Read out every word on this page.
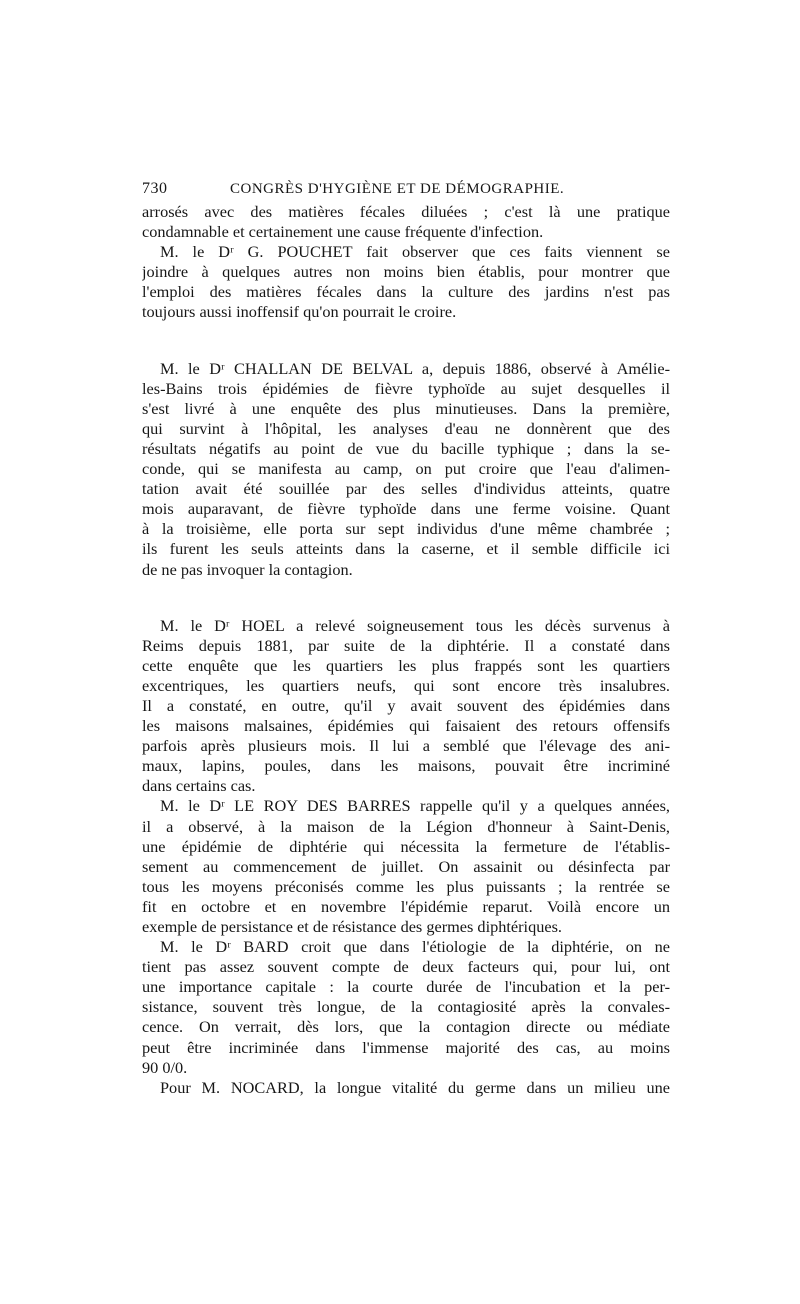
730	CONGRÈS D'HYGIÈNE ET DE DÉMOGRAPHIE.

arrosés avec des matières fécales diluées ; c'est là une pratique
condamnable et certainement une cause fréquente d'infection.

M. le Dʳ G. POUCHET fait observer que ces faits viennent se
joindre à quelques autres non moins bien établis, pour montrer que
l'emploi des matières fécales dans la culture des jardins n'est pas
toujours aussi inoffensif qu'on pourrait le croire.

M. le Dʳ CHALLAN DE BELVAL a, depuis 1886, observé à Amélie-
les-Bains trois épidémies de fièvre typhoïde au sujet desquelles il
s'est livré à une enquête des plus minutieuses. Dans la première,
qui survint à l'hôpital, les analyses d'eau ne donnèrent que des
résultats négatifs au point de vue du bacille typhique ; dans la se-
conde, qui se manifesta au camp, on put croire que l'eau d'alimen-
tation avait été souillée par des selles d'individus atteints, quatre
mois auparavant, de fièvre typhoïde dans une ferme voisine. Quant
à la troisième, elle porta sur sept individus d'une même chambrée ;
ils furent les seuls atteints dans la caserne, et il semble difficile ici
de ne pas invoquer la contagion.

M. le Dʳ HOEL a relevé soigneusement tous les décès survenus à
Reims depuis 1881, par suite de la diphtérie. Il a constaté dans
cette enquête que les quartiers les plus frappés sont les quartiers
excentriques, les quartiers neufs, qui sont encore très insalubres.
Il a constaté, en outre, qu'il y avait souvent des épidémies dans
les maisons malsaines, épidémies qui faisaient des retours offensifs
parfois après plusieurs mois. Il lui a semblé que l'élevage des ani-
maux, lapins, poules, dans les maisons, pouvait être incriminé
dans certains cas.

M. le Dʳ LE ROY DES BARRES rappelle qu'il y a quelques années,
il a observé, à la maison de la Légion d'honneur à Saint-Denis,
une épidémie de diphtérie qui nécessita la fermeture de l'établis-
sement au commencement de juillet. On assainit ou désinfecta par
tous les moyens préconisés comme les plus puissants ; la rentrée se
fit en octobre et en novembre l'épidémie reparut. Voilà encore un
exemple de persistance et de résistance des germes diphtériques.

M. le Dʳ BARD croit que dans l'étiologie de la diphtérie, on ne
tient pas assez souvent compte de deux facteurs qui, pour lui, ont
une importance capitale : la courte durée de l'incubation et la per-
sistance, souvent très longue, de la contagiosité après la convales-
cence. On verrait, dès lors, que la contagion directe ou médiate
peut être incriminée dans l'immense majorité des cas, au moins
90 0/0.

Pour M. NOCARD, la longue vitalité du germe dans un milieu une
